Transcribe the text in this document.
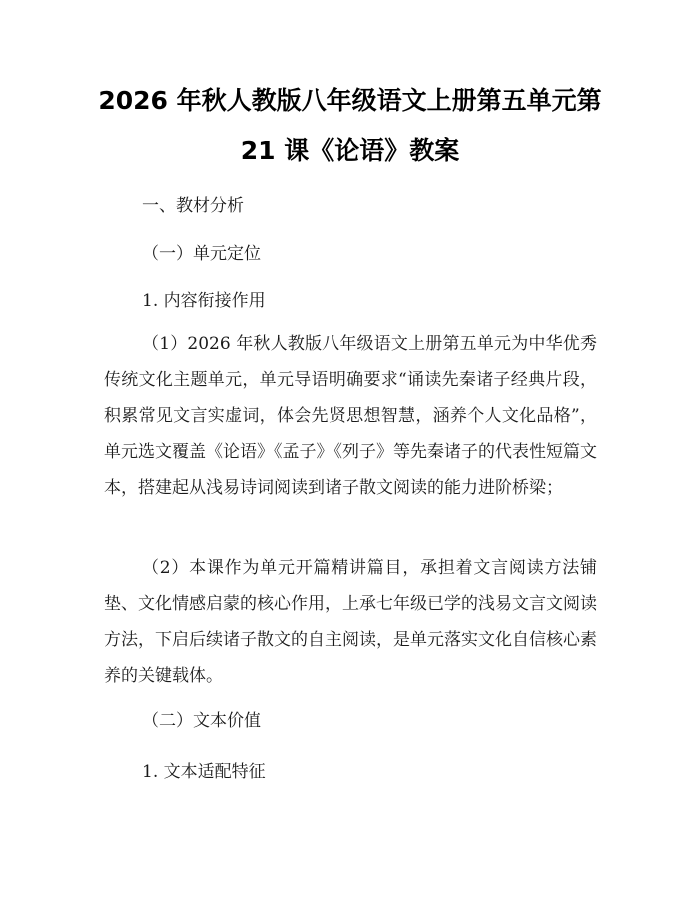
2026 年秋人教版八年级语文上册第五单元第
21 课《论语》教案
一、教材分析
（一）单元定位
1. 内容衔接作用
（1）2026 年秋人教版八年级语文上册第五单元为中华优秀传统文化主题单元，单元导语明确要求“诵读先秦诸子经典片段，积累常见文言实虚词，体会先贤思想智慧，涵养个人文化品格”，单元选文覆盖《论语》《孟子》《列子》等先秦诸子的代表性短篇文本，搭建起从浅易诗词阅读到诸子散文阅读的能力进阶桥梁；
（2）本课作为单元开篇精讲篇目，承担着文言阅读方法铺垫、文化情感启蒙的核心作用，上承七年级已学的浅易文言文阅读方法，下启后续诸子散文的自主阅读，是单元落实文化自信核心素养的关键载体。
（二）文本价值
1. 文本适配特征
